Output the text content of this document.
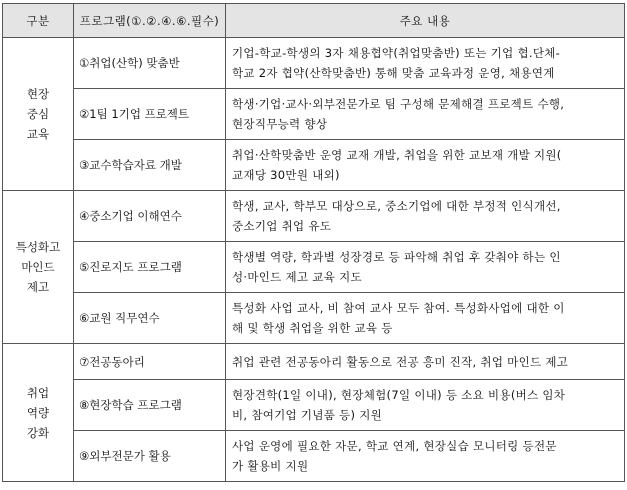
구분	프로그램(①.②.④.⑥.필수)	주요 내용

현장
중심
교육	①취업(산학) 맞춤반	기업-학교-학생의 3자 채용협약(취업맞춤반) 또는 기업 협.단체-
학교 2자 협약(산학맞춤반) 통해 맞춤 교육과정 운영, 채용연계

	②1팀 1기업 프로젝트	학생·기업·교사·외부전문가로 팀 구성해 문제해결 프로젝트 수행,
현장직무능력 향상

	③교수학습자료 개발	취업·산학맞춤반 운영 교재 개발, 취업을 위한 교보재 개발 지원(
교재당 30만원 내외)

특성화고
마인드
제고	④중소기업 이해연수	학생, 교사, 학부모 대상으로, 중소기업에 대한 부정적 인식개선,
중소기업 취업 유도

	⑤진로지도 프로그램	학생별 역량, 학과별 성장경로 등 파악해 취업 후 갖춰야 하는 인
성·마인드 제고 교육 지도

	⑥교원 직무연수	특성화 사업 교사, 비 참여 교사 모두 참여. 특성화사업에 대한 이
해 및 학생 취업을 위한 교육 등

취업
역량
강화	⑦전공동아리	취업 관련 전공동아리 활동으로 전공 흥미 진작, 취업 마인드 제고

	⑧현장학습 프로그램	현장견학(1일 이내), 현장체험(7일 이내) 등 소요 비용(버스 임차
비, 참여기업 기념품 등) 지원

	⑨외부전문가 활용	사업 운영에 필요한 자문, 학교 연계, 현장실습 모니터링 등전문
가 활용비 지원
